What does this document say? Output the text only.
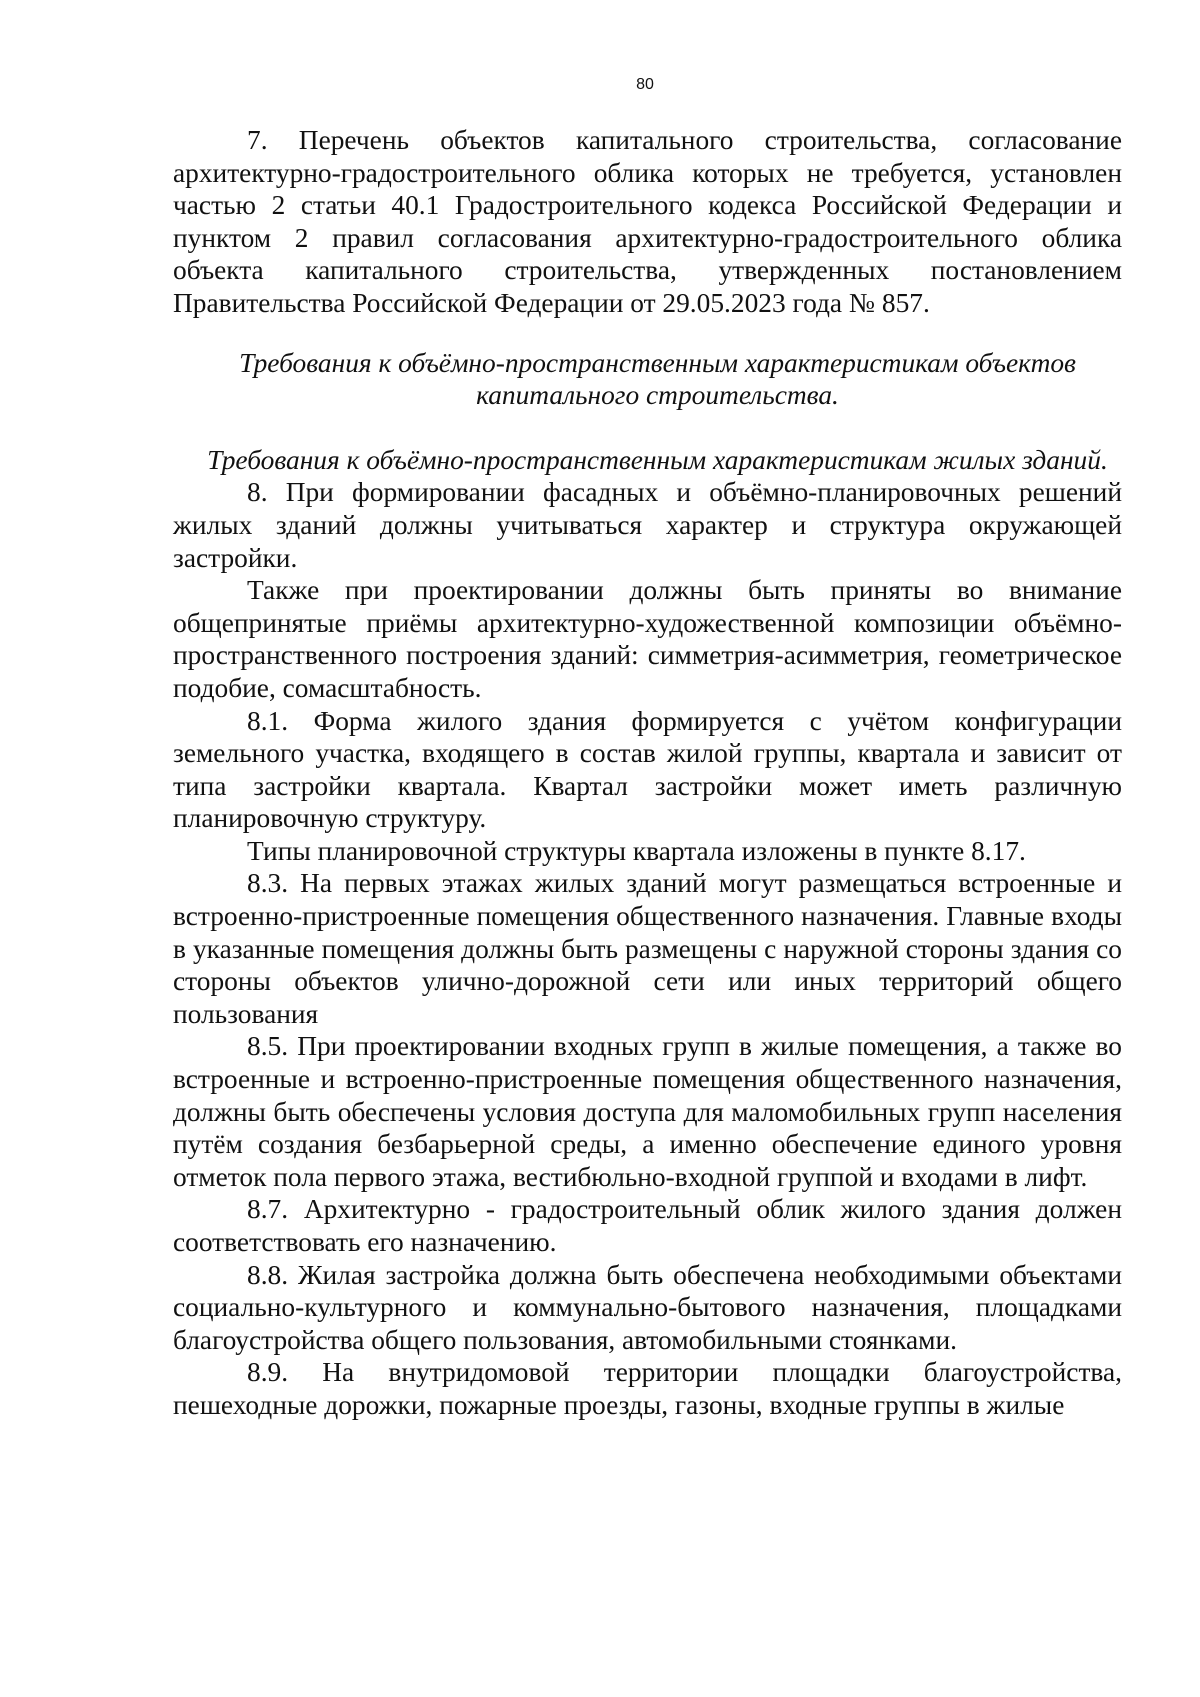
80

7. Перечень объектов капитального строительства, согласование архитектурно-градостроительного облика которых не требуется, установлен частью 2 статьи 40.1 Градостроительного кодекса Российской Федерации и пунктом 2 правил согласования архитектурно-градостроительного облика объекта капитального строительства, утвержденных постановлением Правительства Российской Федерации от 29.05.2023 года № 857.

Требования к объёмно-пространственным характеристикам объектов капитального строительства.

Требования к объёмно-пространственным характеристикам жилых зданий.

8. При формировании фасадных и объёмно-планировочных решений жилых зданий должны учитываться характер и структура окружающей застройки.

Также при проектировании должны быть приняты во внимание общепринятые приёмы архитектурно-художественной композиции объёмно-пространственного построения зданий: симметрия-асимметрия, геометрическое подобие, сомасштабность.

8.1. Форма жилого здания формируется с учётом конфигурации земельного участка, входящего в состав жилой группы, квартала и зависит от типа застройки квартала. Квартал застройки может иметь различную планировочную структуру.

Типы планировочной структуры квартала изложены в пункте 8.17.

8.3. На первых этажах жилых зданий могут размещаться встроенные и встроенно-пристроенные помещения общественного назначения. Главные входы в указанные помещения должны быть размещены с наружной стороны здания со стороны объектов улично-дорожной сети или иных территорий общего пользования

8.5. При проектировании входных групп в жилые помещения, а также во встроенные и встроенно-пристроенные помещения общественного назначения, должны быть обеспечены условия доступа для маломобильных групп населения путём создания безбарьерной среды, а именно обеспечение единого уровня отметок пола первого этажа, вестибюльно-входной группой и входами в лифт.

8.7. Архитектурно - градостроительный облик жилого здания должен соответствовать его назначению.

8.8. Жилая застройка должна быть обеспечена необходимыми объектами социально-культурного и коммунально-бытового назначения, площадками благоустройства общего пользования, автомобильными стоянками.

8.9. На внутридомовой территории площадки благоустройства, пешеходные дорожки, пожарные проезды, газоны, входные группы в жилые
